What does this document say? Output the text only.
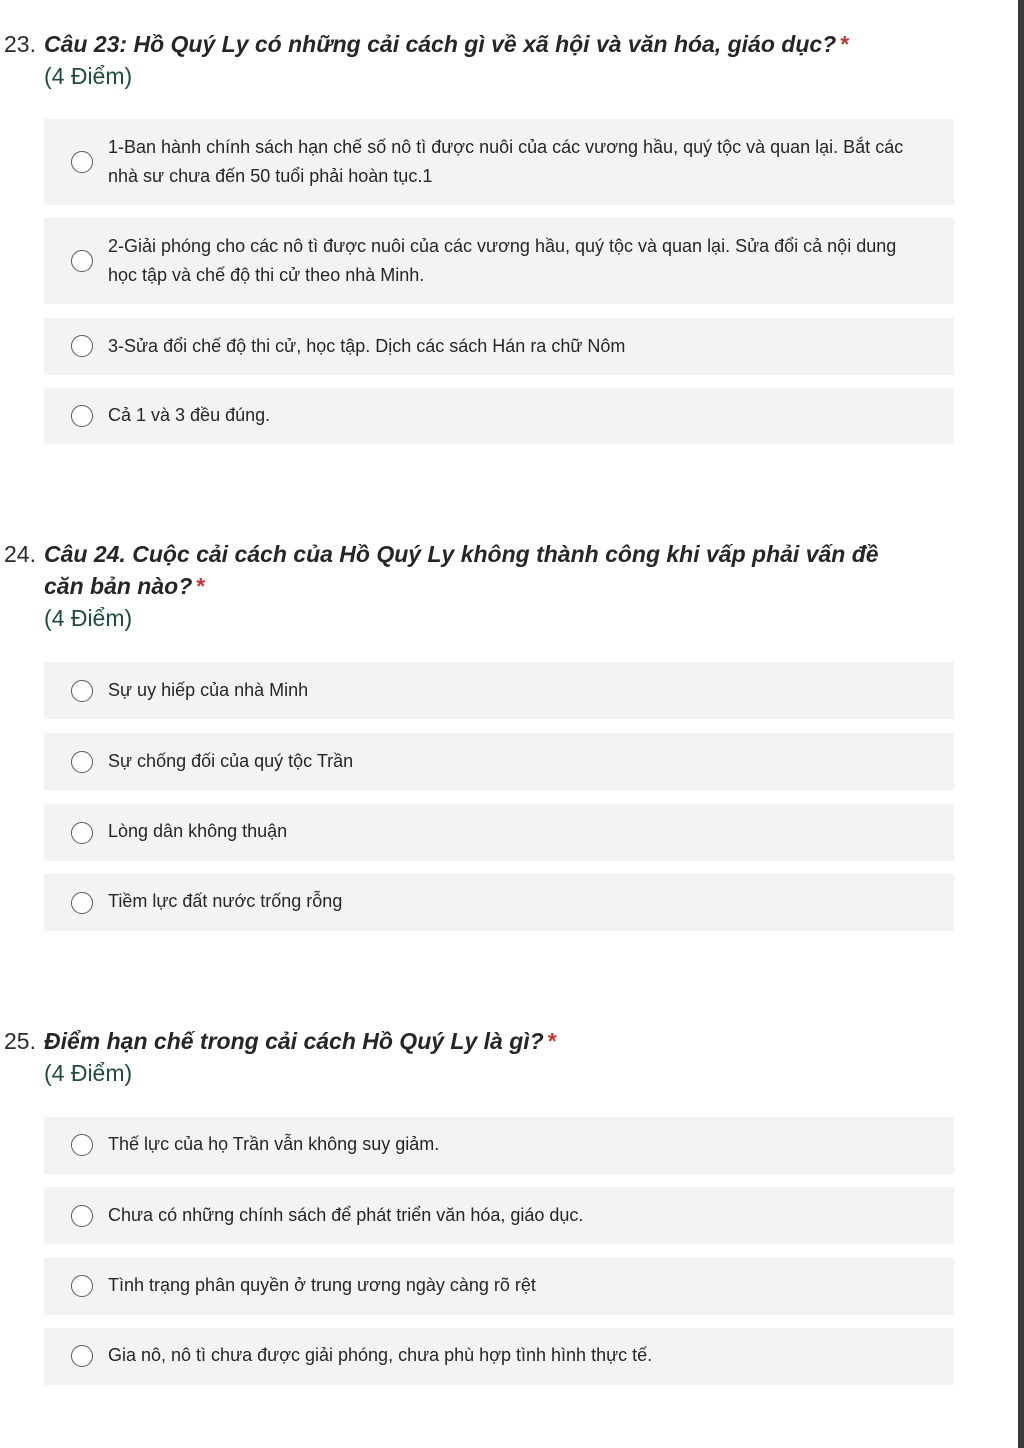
23. Câu 23: Hồ Quý Ly có những cải cách gì về xã hội và văn hóa, giáo dục? *
(4 Điểm)
1-Ban hành chính sách hạn chế số nô tì được nuôi của các vương hầu, quý tộc và quan lại. Bắt các
nhà sư chưa đến 50 tuổi phải hoàn tục.1
2-Giải phóng cho các nô tì được nuôi của các vương hầu, quý tộc và quan lại. Sửa đổi cả nội dung
học tập và chế độ thi cử theo nhà Minh.
3-Sửa đổi chế độ thi cử, học tập. Dịch các sách Hán ra chữ Nôm
Cả 1 và 3 đều đúng.
24. Câu 24. Cuộc cải cách của Hồ Quý Ly không thành công khi vấp phải vấn đề căn bản nào? *
(4 Điểm)
Sự uy hiếp của nhà Minh
Sự chống đối của quý tộc Trần
Lòng dân không thuận
Tiềm lực đất nước trống rỗng
25. Điểm hạn chế trong cải cách Hồ Quý Ly là gì? *
(4 Điểm)
Thế lực của họ Trần vẫn không suy giảm.
Chưa có những chính sách để phát triển văn hóa, giáo dục.
Tình trạng phân quyền ở trung ương ngày càng rõ rệt
Gia nô, nô tì chưa được giải phóng, chưa phù hợp tình hình thực tế.
